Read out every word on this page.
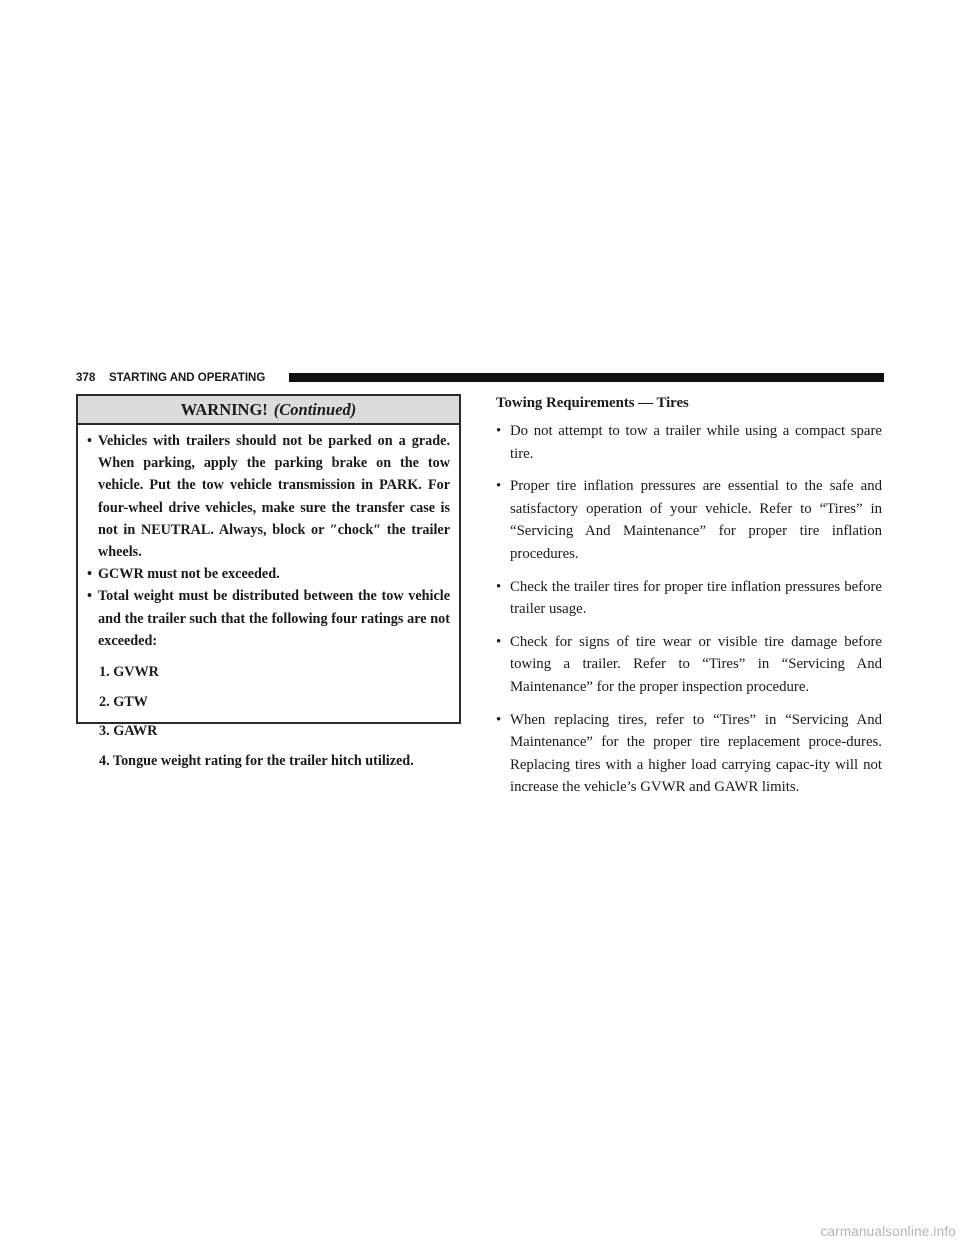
378 STARTING AND OPERATING
WARNING! (Continued)
• Vehicles with trailers should not be parked on a grade. When parking, apply the parking brake on the tow vehicle. Put the tow vehicle transmission in PARK. For four-wheel drive vehicles, make sure the transfer case is not in NEUTRAL. Always, block or ″chock″ the trailer wheels.
• GCWR must not be exceeded.
• Total weight must be distributed between the tow vehicle and the trailer such that the following four ratings are not exceeded:
1. GVWR
2. GTW
3. GAWR
4. Tongue weight rating for the trailer hitch utilized.
Towing Requirements — Tires
• Do not attempt to tow a trailer while using a compact spare tire.
• Proper tire inflation pressures are essential to the safe and satisfactory operation of your vehicle. Refer to “Tires” in “Servicing And Maintenance” for proper tire inflation procedures.
• Check the trailer tires for proper tire inflation pressures before trailer usage.
• Check for signs of tire wear or visible tire damage before towing a trailer. Refer to “Tires” in “Servicing And Maintenance” for the proper inspection procedure.
• When replacing tires, refer to “Tires” in “Servicing And Maintenance” for the proper tire replacement proce-dures. Replacing tires with a higher load carrying capac-ity will not increase the vehicle’s GVWR and GAWR limits.
carmanualsonline.info
